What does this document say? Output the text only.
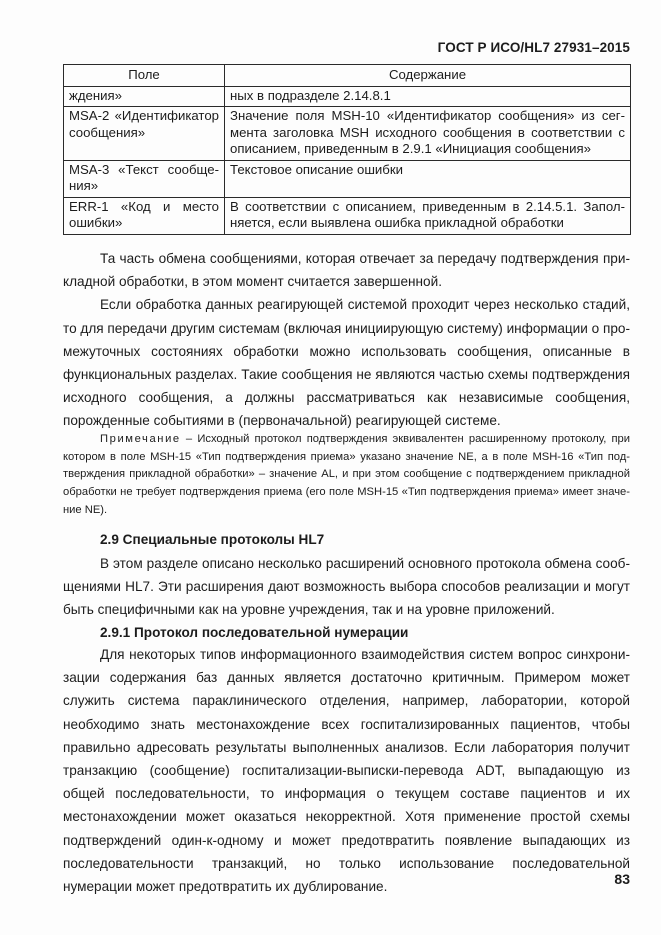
ГОСТ Р ИСО/HL7 27931–2015
Поле	Содержание
ждения»	ных в подразделе 2.14.8.1
MSA-2 «Идентификатор сообщения»	Значение поля MSH-10 «Идентификатор сообщения» из сегмента заголовка MSH исходного сообщения в соответствии с описанием, приведенным в 2.9.1 «Инициация сообщения»
MSA-3 «Текст сообщения»	Текстовое описание ошибки
ERR-1 «Код и место ошибки»	В соответствии с описанием, приведенным в 2.14.5.1. Заполняется, если выявлена ошибка прикладной обработки

Та часть обмена сообщениями, которая отвечает за передачу подтверждения прикладной обработки, в этом момент считается завершенной.

Если обработка данных реагирующей системой проходит через несколько стадий, то для передачи другим системам (включая инициирующую систему) информации о промежуточных состояниях обработки можно использовать сообщения, описанные в функциональных разделах. Такие сообщения не являются частью схемы подтверждения исходного сообщения, а должны рассматриваться как независимые сообщения, порожденные событиями в (первоначальной) реагирующей системе.

Примечание – Исходный протокол подтверждения эквивалентен расширенному протоколу, при котором в поле MSH-15 «Тип подтверждения приема» указано значение NE, а в поле MSH-16 «Тип подтверждения прикладной обработки» – значение AL, и при этом сообщение с подтверждением прикладной обработки не требует подтверждения приема (его поле MSH-15 «Тип подтверждения приема» имеет значение NE).

2.9 Специальные протоколы HL7

В этом разделе описано несколько расширений основного протокола обмена сообщениями HL7. Эти расширения дают возможность выбора способов реализации и могут быть специфичными как на уровне учреждения, так и на уровне приложений.

2.9.1 Протокол последовательной нумерации

Для некоторых типов информационного взаимодействия систем вопрос синхронизации содержания баз данных является достаточно критичным. Примером может служить система параклинического отделения, например, лаборатории, которой необходимо знать местонахождение всех госпитализированных пациентов, чтобы правильно адресовать результаты выполненных анализов. Если лаборатория получит транзакцию (сообщение) госпитализации-выписки-перевода ADT, выпадающую из общей последовательности, то информация о текущем составе пациентов и их местонахождении может оказаться некорректной. Хотя применение простой схемы подтверждений один-к-одному и может предотвратить появление выпадающих из последовательности транзакций, но только использование последовательной нумерации может предотвратить их дублирование.	83
